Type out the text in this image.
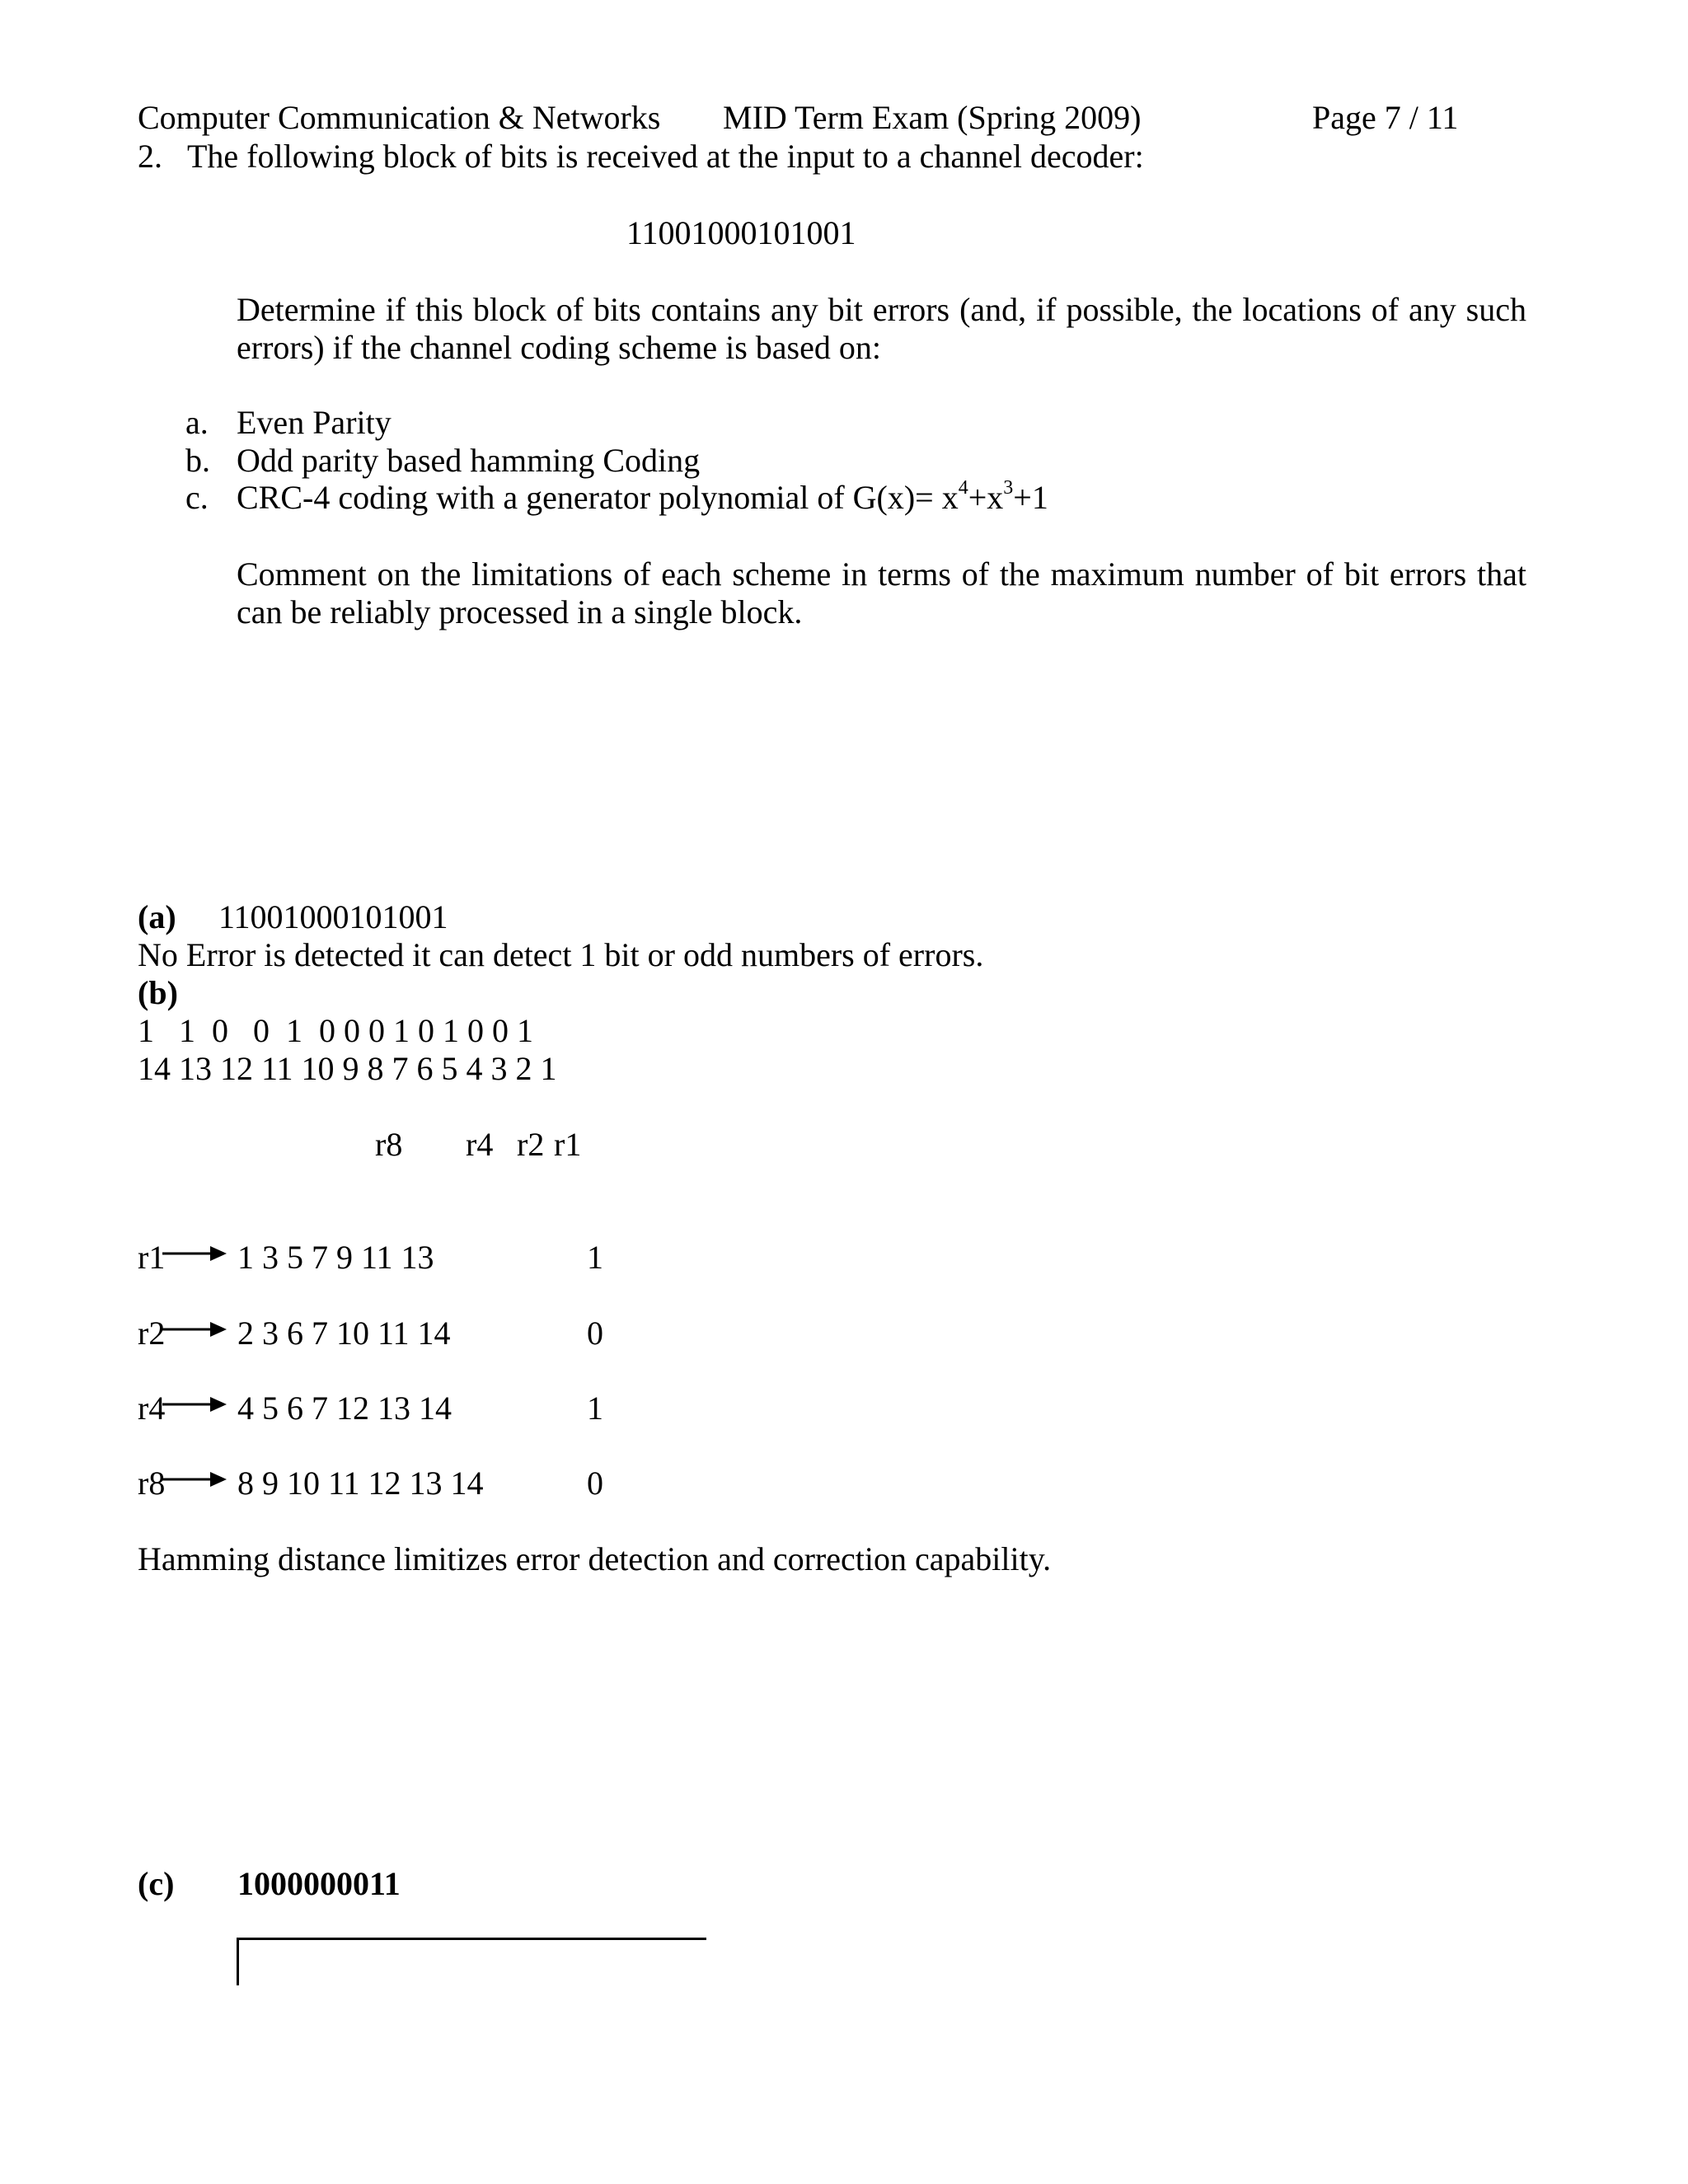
Computer Communication & Networks MID Term Exam (Spring 2009)	Page 7 / 11
2. The following block of bits is received at the input to a channel decoder:
11001000101001
Determine if this block of bits contains any bit errors (and, if possible, the locations of any such
errors) if the channel coding scheme is based on:
a. Even Parity
b. Odd parity based hamming Coding
c. CRC-4 coding with a generator polynomial of $G(x)= x^4+x^3+1$
Comment on the limitations of each scheme in terms of the maximum number of bit errors that
can be reliably processed in a single block.
(a) 11001000101001
No Error is detected it can detect 1 bit or odd numbers of errors.
(b)
1   1  0   0  1  0 0 0 1 0 1 0 0 1
14 13 12 11 10 9 8 7 6 5 4 3 2 1
r8 r4 r2 r1
r1 1 3 5 7 9 11 13	1
r2 2 3 6 7 10 11 14	0
r4 4 5 6 7 12 13 14	1
r8 8 9 10 11 12 13 14	0
Hamming distance limitizes error detection and correction capability.
(c) 1000000011
